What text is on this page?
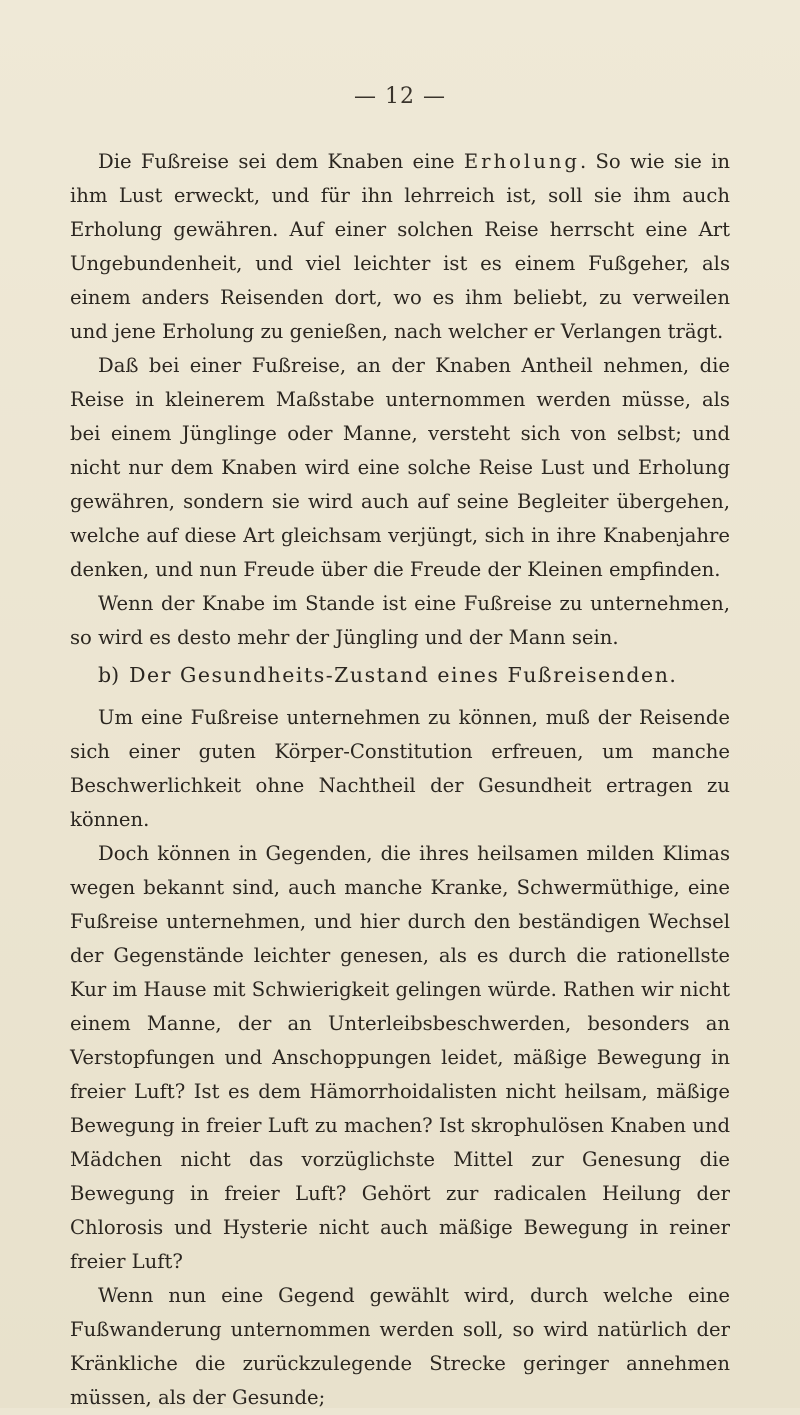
— 12 —

Die Fußreise sei dem Knaben eine Erholung. So wie sie in ihm Lust erweckt, und für ihn lehrreich ist, soll sie ihm auch Erholung gewähren. Auf einer solchen Reise herrscht eine Art Ungebundenheit, und viel leichter ist es einem Fußgeher, als einem anders Reisenden dort, wo es ihm beliebt, zu verweilen und jene Erholung zu genießen, nach welcher er Verlangen trägt.

Daß bei einer Fußreise, an der Knaben Antheil nehmen, die Reise in kleinerem Maßstabe unternommen werden müsse, als bei einem Jünglinge oder Manne, versteht sich von selbst; und nicht nur dem Knaben wird eine solche Reise Lust und Erholung gewähren, sondern sie wird auch auf seine Begleiter übergehen, welche auf diese Art gleichsam verjüngt, sich in ihre Knabenjahre denken, und nun Freude über die Freude der Kleinen empfinden.

Wenn der Knabe im Stande ist eine Fußreise zu unternehmen, so wird es desto mehr der Jüngling und der Mann sein.

b) Der Gesundheits-Zustand eines Fußreisenden.

Um eine Fußreise unternehmen zu können, muß der Reisende sich einer guten Körper-Constitution erfreuen, um manche Beschwerlichkeit ohne Nachtheil der Gesundheit ertragen zu können.

Doch können in Gegenden, die ihres heilsamen milden Klimas wegen bekannt sind, auch manche Kranke, Schwermüthige, eine Fußreise unternehmen, und hier durch den beständigen Wechsel der Gegenstände leichter genesen, als es durch die rationellste Kur im Hause mit Schwierigkeit gelingen würde. Rathen wir nicht einem Manne, der an Unterleibsbeschwerden, besonders an Verstopfungen und Anschoppungen leidet, mäßige Bewegung in freier Luft? Ist es dem Hämorrhoidalisten nicht heilsam, mäßige Bewegung in freier Luft zu machen? Ist skrophulösen Knaben und Mädchen nicht das vorzüglichste Mittel zur Genesung die Bewegung in freier Luft? Gehört zur radicalen Heilung der Chlorosis und Hysterie nicht auch mäßige Bewegung in reiner freier Luft?

Wenn nun eine Gegend gewählt wird, durch welche eine Fußwanderung unternommen werden soll, so wird natürlich der Kränkliche die zurückzulegende Strecke geringer annehmen müssen, als der Gesunde;
